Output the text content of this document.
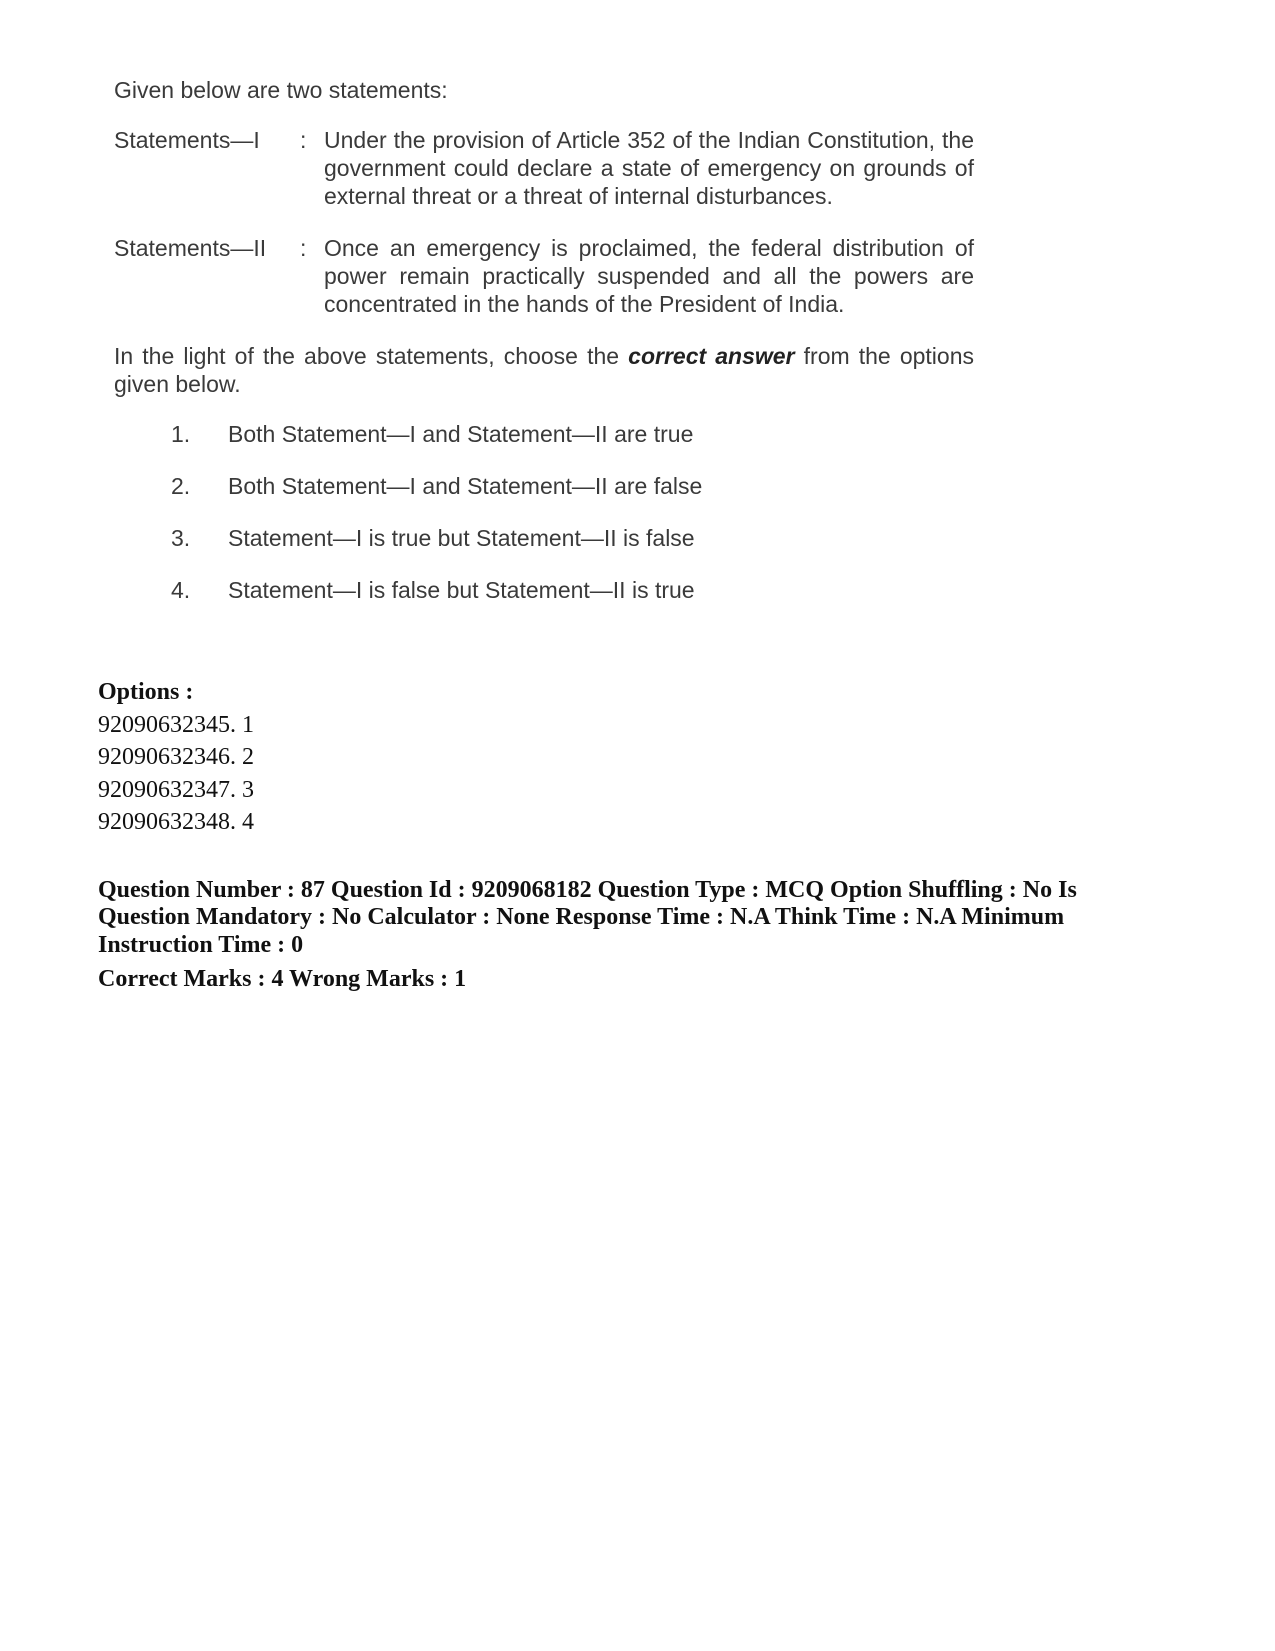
Given below are two statements:
Statements—I	: Under the provision of Article 352 of the Indian Constitution, the government could declare a state of emergency on grounds of external threat or a threat of internal disturbances.
Statements—II	: Once an emergency is proclaimed, the federal distribution of power remain practically suspended and all the powers are concentrated in the hands of the President of India.
In the light of the above statements, choose the correct answer from the options given below.
1.	Both Statement—I and Statement—II are true
2.	Both Statement—I and Statement—II are false
3.	Statement—I is true but Statement—II is false
4.	Statement—I is false but Statement—II is true

Options :

92090632345. 1

92090632346. 2

92090632347. 3

92090632348. 4

Question Number : 87 Question Id : 9209068182 Question Type : MCQ Option Shuffling : No Is Question Mandatory : No Calculator : None Response Time : N.A Think Time : N.A Minimum Instruction Time : 0
Correct Marks : 4 Wrong Marks : 1
